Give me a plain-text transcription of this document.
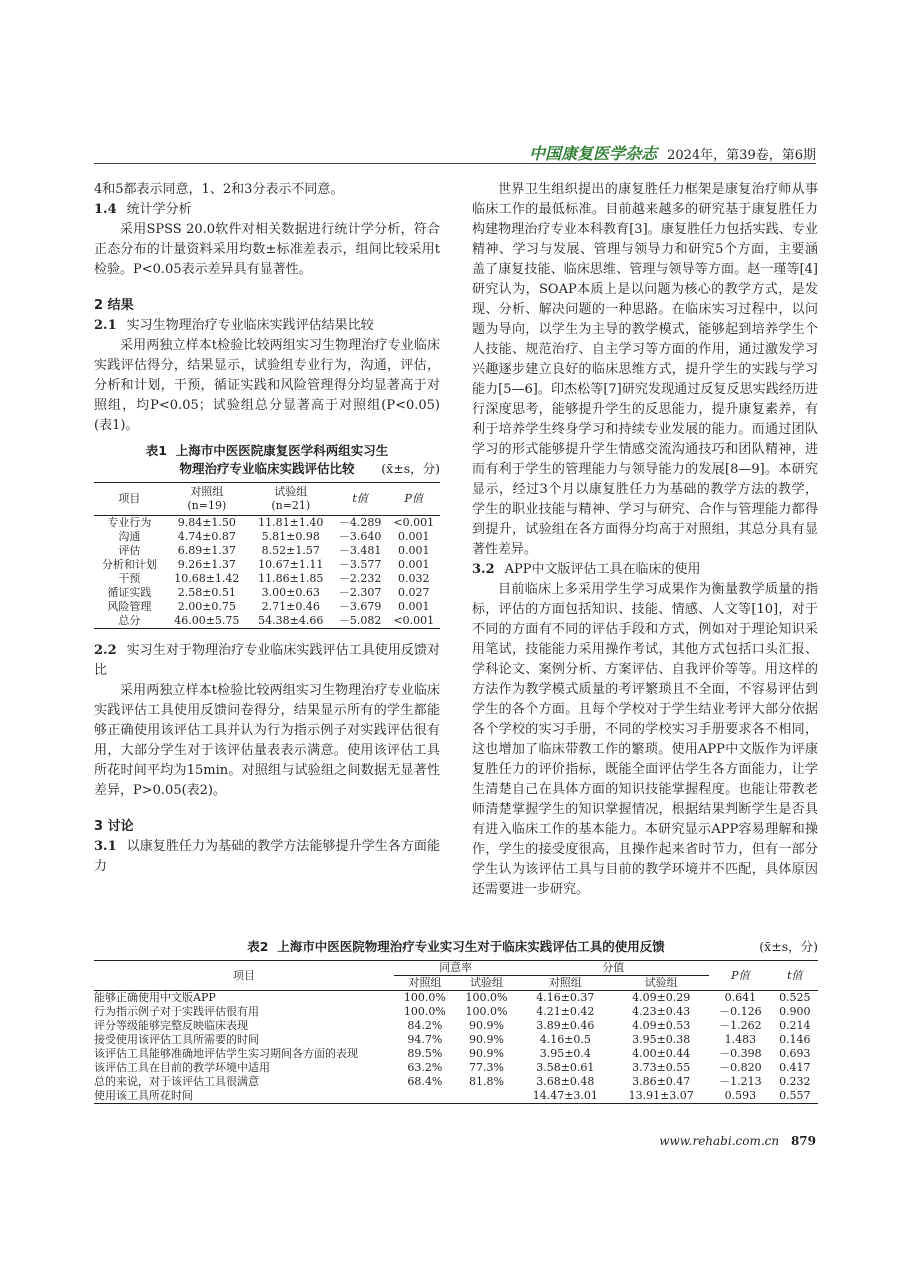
中国康复医学杂志 2024年，第39卷，第6期

4和5都表示同意，1、2和3分表示不同意。

1.4 统计学分析

采用SPSS 20.0软件对相关数据进行统计学分析，符合正态分布的计量资料采用均数±标准差表示，组间比较采用t检验。P<0.05表示差异具有显著性。

2 结果

2.1 实习生物理治疗专业临床实践评估结果比较

采用两独立样本t检验比较两组实习生物理治疗专业临床实践评估得分，结果显示，试验组专业行为，沟通，评估，分析和计划，干预，循证实践和风险管理得分均显著高于对照组，均P<0.05；试验组总分显著高于对照组(P<0.05)(表1)。

表1 上海市中医医院康复医学科两组实习生
物理治疗专业临床实践评估比较 (x̄±s，分)
项目	对照组
(n=19)	试验组
(n=21)	t值	P值
专业行为	9.84±1.50	11.81±1.40	－4.289	<0.001
沟通	4.74±0.87	5.81±0.98	－3.640	0.001
评估	6.89±1.37	8.52±1.57	－3.481	0.001
分析和计划	9.26±1.37	10.67±1.11	－3.577	0.001
干预	10.68±1.42	11.86±1.85	－2.232	0.032
循证实践	2.58±0.51	3.00±0.63	－2.307	0.027
风险管理	2.00±0.75	2.71±0.46	－3.679	0.001
总分	46.00±5.75	54.38±4.66	－5.082	<0.001

2.2 实习生对于物理治疗专业临床实践评估工具使用反馈对比

采用两独立样本t检验比较两组实习生物理治疗专业临床实践评估工具使用反馈问卷得分，结果显示所有的学生都能够正确使用该评估工具并认为行为指示例子对实践评估很有用，大部分学生对于该评估量表表示满意。使用该评估工具所花时间平均为15min。对照组与试验组之间数据无显著性差异，P>0.05(表2)。

3 讨论

3.1 以康复胜任力为基础的教学方法能够提升学生各方面能力

世界卫生组织提出的康复胜任力框架是康复治疗师从事临床工作的最低标准。目前越来越多的研究基于康复胜任力构建物理治疗专业本科教育[3]。康复胜任力包括实践、专业精神、学习与发展、管理与领导力和研究5个方面，主要涵盖了康复技能、临床思维、管理与领导等方面。赵一瑾等[4]研究认为，SOAP本质上是以问题为核心的教学方式，是发现、分析、解决问题的一种思路。在临床实习过程中，以问题为导向，以学生为主导的教学模式，能够起到培养学生个人技能、规范治疗、自主学习等方面的作用，通过激发学习兴趣逐步建立良好的临床思维方式，提升学生的实践与学习能力[5—6]。印杰松等[7]研究发现通过反复反思实践经历进行深度思考，能够提升学生的反思能力，提升康复素养，有利于培养学生终身学习和持续专业发展的能力。而通过团队学习的形式能够提升学生情感交流沟通技巧和团队精神，进而有利于学生的管理能力与领导能力的发展[8—9]。本研究显示，经过3个月以康复胜任力为基础的教学方法的教学，学生的职业技能与精神、学习与研究、合作与管理能力都得到提升，试验组在各方面得分均高于对照组，其总分具有显著性差异。

3.2 APP中文版评估工具在临床的使用

目前临床上多采用学生学习成果作为衡量教学质量的指标，评估的方面包括知识、技能、情感、人文等[10]，对于不同的方面有不同的评估手段和方式，例如对于理论知识采用笔试，技能能力采用操作考试，其他方式包括口头汇报、学科论文、案例分析、方案评估、自我评价等等。用这样的方法作为教学模式质量的考评繁琐且不全面，不容易评估到学生的各个方面。且每个学校对于学生结业考评大部分依据各个学校的实习手册，不同的学校实习手册要求各不相同，这也增加了临床带教工作的繁琐。使用APP中文版作为评康复胜任力的评价指标，既能全面评估学生各方面能力，让学生清楚自己在具体方面的知识技能掌握程度。也能让带教老师清楚掌握学生的知识掌握情况，根据结果判断学生是否具有进入临床工作的基本能力。本研究显示APP容易理解和操作，学生的接受度很高，且操作起来省时节力，但有一部分学生认为该评估工具与目前的教学环境并不匹配，具体原因还需要进一步研究。

表2 上海市中医医院物理治疗专业实习生对于临床实践评估工具的使用反馈	(x̄±s，分)
项目	同意率		分值		P值	t值
	对照组	试验组	对照组	试验组		
能够正确使用中文版APP	100.0%	100.0%	4.16±0.37	4.09±0.29	0.641	0.525
行为指示例子对于实践评估很有用	100.0%	100.0%	4.21±0.42	4.23±0.43	－0.126	0.900
评分等级能够完整反映临床表现	84.2%	90.9%	3.89±0.46	4.09±0.53	－1.262	0.214
接受使用该评估工具所需要的时间	94.7%	90.9%	4.16±0.5	3.95±0.38	1.483	0.146
该评估工具能够准确地评估学生实习期间各方面的表现	89.5%	90.9%	3.95±0.4	4.00±0.44	－0.398	0.693
该评估工具在目前的教学环境中适用	63.2%	77.3%	3.58±0.61	3.73±0.55	－0.820	0.417
总的来说，对于该评估工具很满意	68.4%	81.8%	3.68±0.48	3.86±0.47	－1.213	0.232
使用该工具所花时间			14.47±3.01	13.91±3.07	0.593	0.557
www.rehabi.com.cn 879
